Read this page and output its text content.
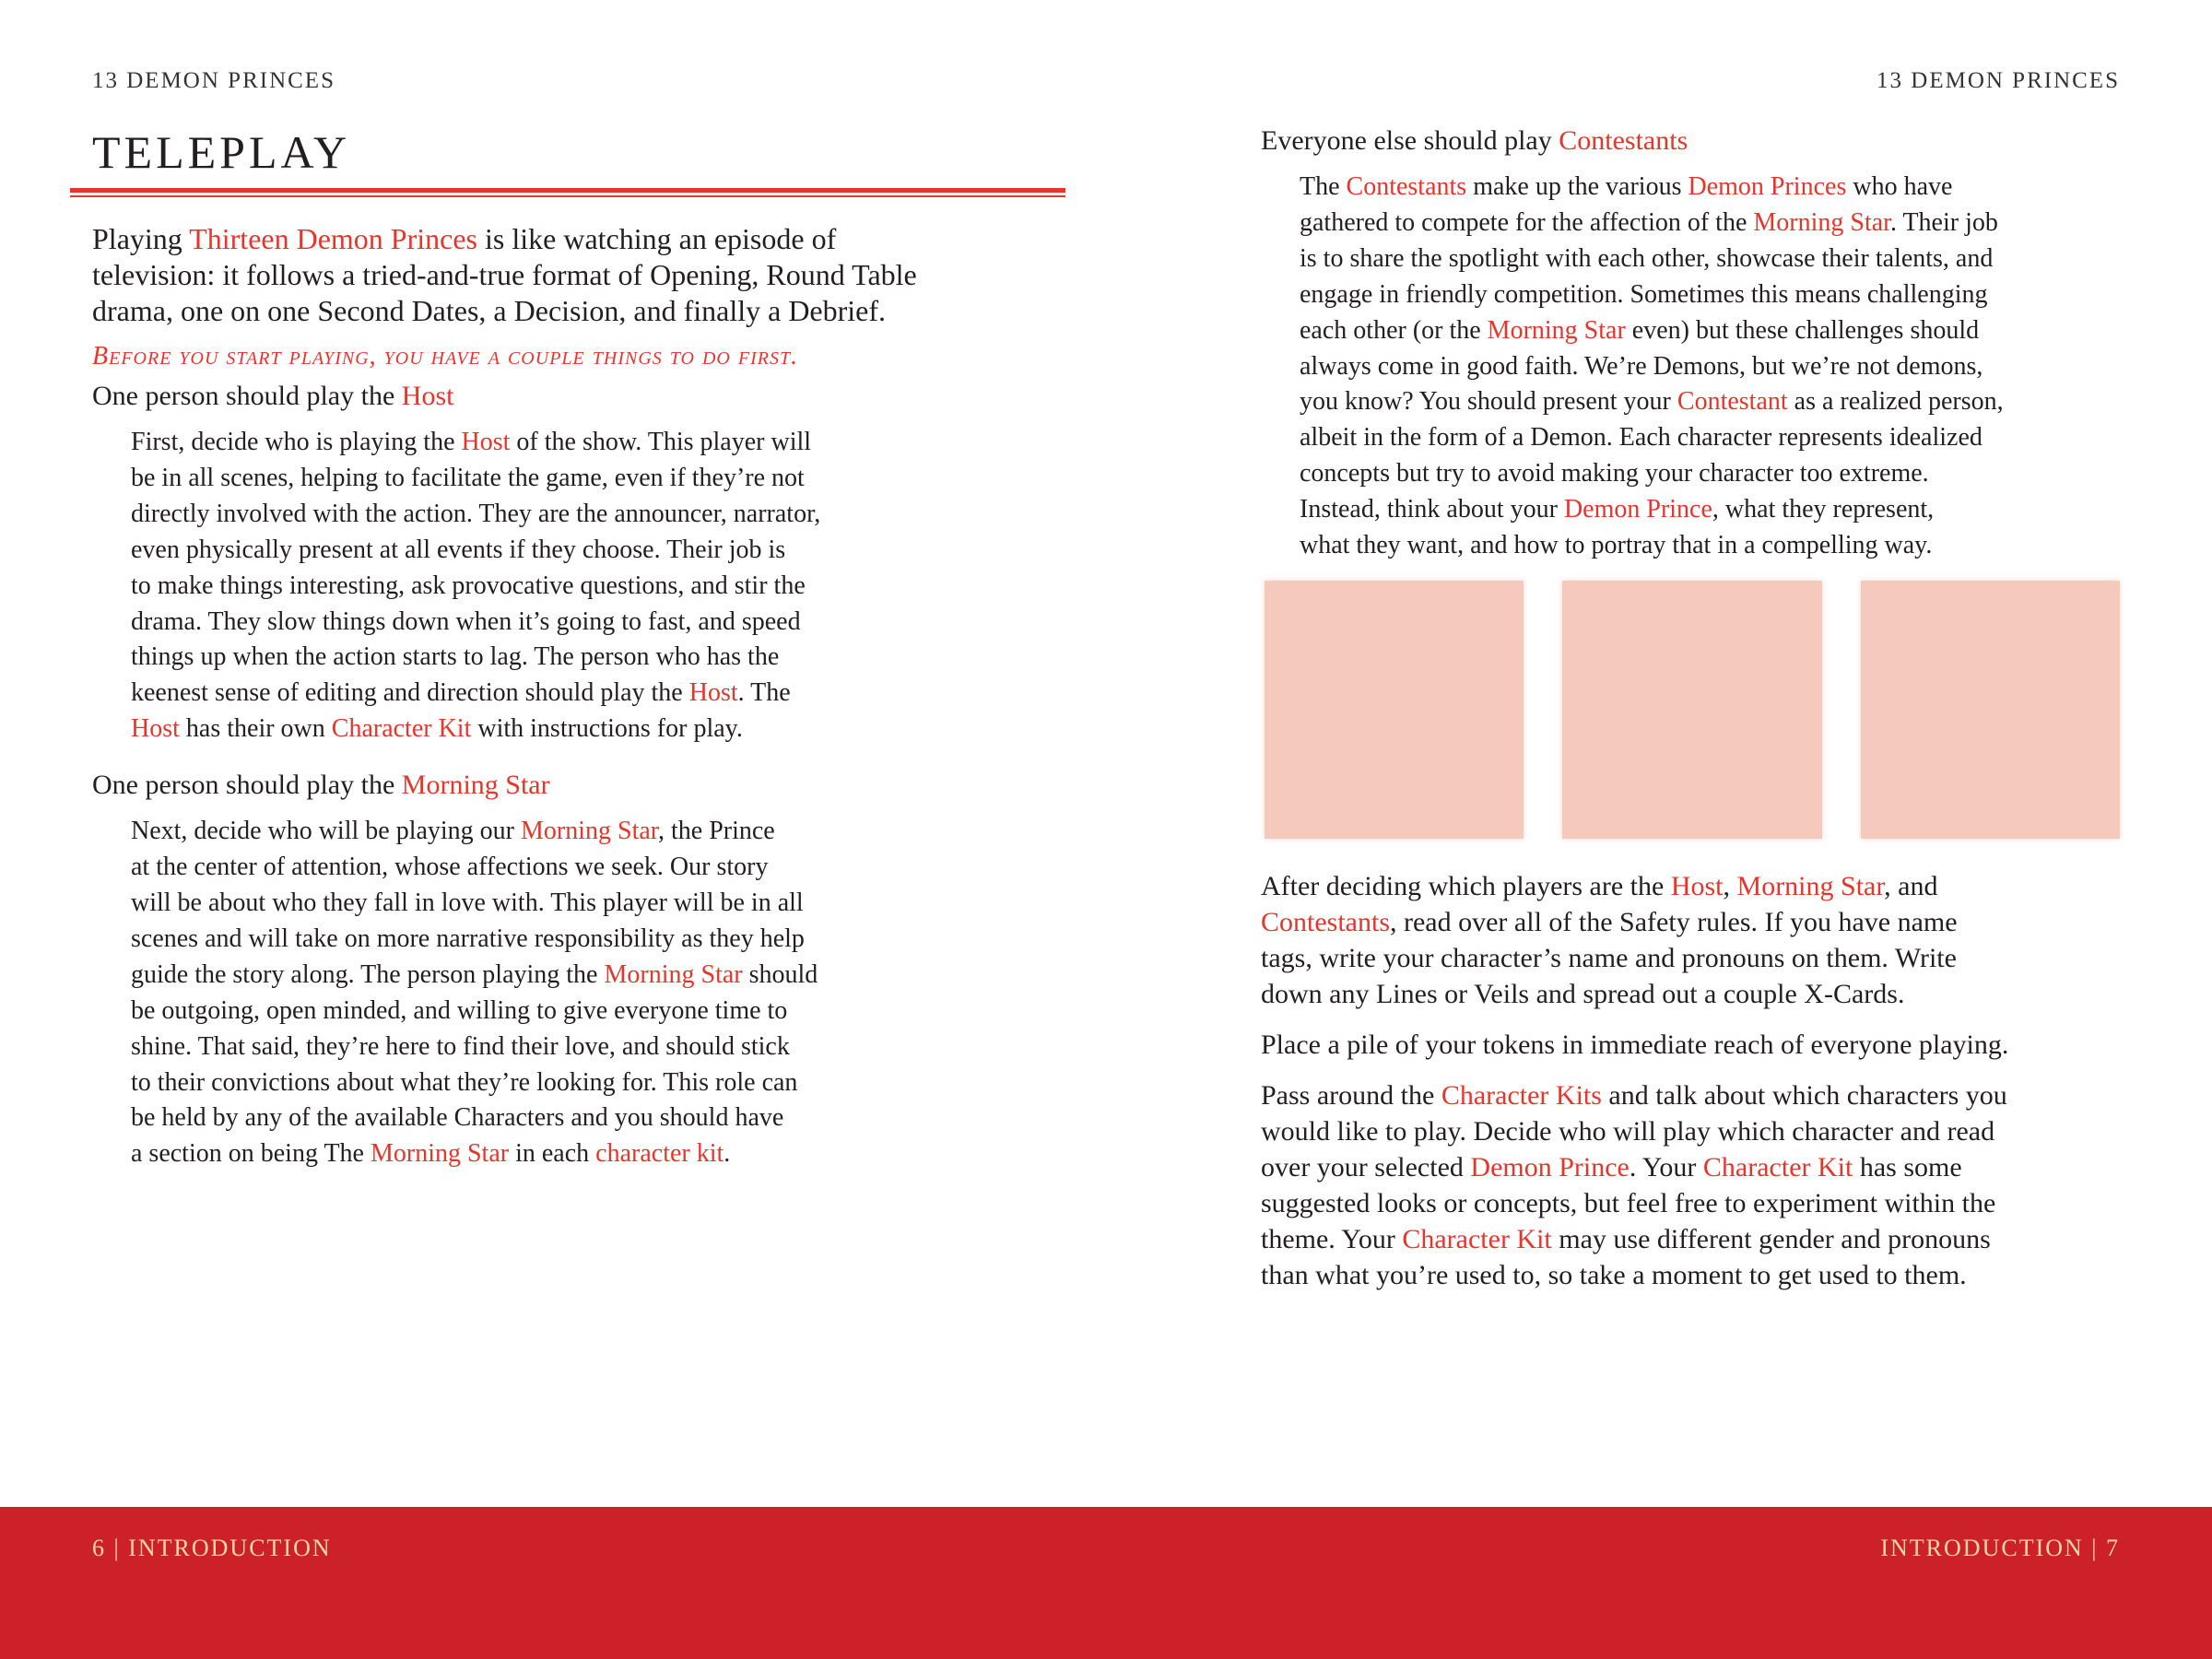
13 DEMON PRINCES	13 DEMON PRINCES
TELEPLAY
Playing Thirteen Demon Princes is like watching an episode of television: it follows a tried-and-true format of Opening, Round Table drama, one on one Second Dates, a Decision, and finally a Debrief.
Before you start playing, you have a couple things to do first.
One person should play the Host
First, decide who is playing the Host of the show. This player will
be in all scenes, helping to facilitate the game, even if they’re not
directly involved with the action. They are the announcer, narrator,
even physically present at all events if they choose. Their job is
to make things interesting, ask provocative questions, and stir the
drama. They slow things down when it’s going to fast, and speed
things up when the action starts to lag. The person who has the
keenest sense of editing and direction should play the Host. The
Host has their own Character Kit with instructions for play.
One person should play the Morning Star
Next, decide who will be playing our Morning Star, the Prince
at the center of attention, whose affections we seek. Our story
will be about who they fall in love with. This player will be in all
scenes and will take on more narrative responsibility as they help
guide the story along. The person playing the Morning Star should
be outgoing, open minded, and willing to give everyone time to
shine. That said, they’re here to find their love, and should stick
to their convictions about what they’re looking for. This role can
be held by any of the available Characters and you should have
a section on being The Morning Star in each character kit.
Everyone else should play Contestants
The Contestants make up the various Demon Princes who have
gathered to compete for the affection of the Morning Star. Their job
is to share the spotlight with each other, showcase their talents, and
engage in friendly competition. Sometimes this means challenging
each other (or the Morning Star even) but these challenges should
always come in good faith. We’re Demons, but we’re not demons,
you know? You should present your Contestant as a realized person,
albeit in the form of a Demon. Each character represents idealized
concepts but try to avoid making your character too extreme.
Instead, think about your Demon Prince, what they represent,
what they want, and how to portray that in a compelling way.
After deciding which players are the Host, Morning Star, and
Contestants, read over all of the Safety rules. If you have name
tags, write your character’s name and pronouns on them. Write
down any Lines or Veils and spread out a couple X-Cards.
Place a pile of your tokens in immediate reach of everyone playing.
Pass around the Character Kits and talk about which characters you
would like to play. Decide who will play which character and read
over your selected Demon Prince. Your Character Kit has some
suggested looks or concepts, but feel free to experiment within the
theme. Your Character Kit may use different gender and pronouns
than what you’re used to, so take a moment to get used to them.
6 | INTRODUCTION	INTRODUCTION | 7
